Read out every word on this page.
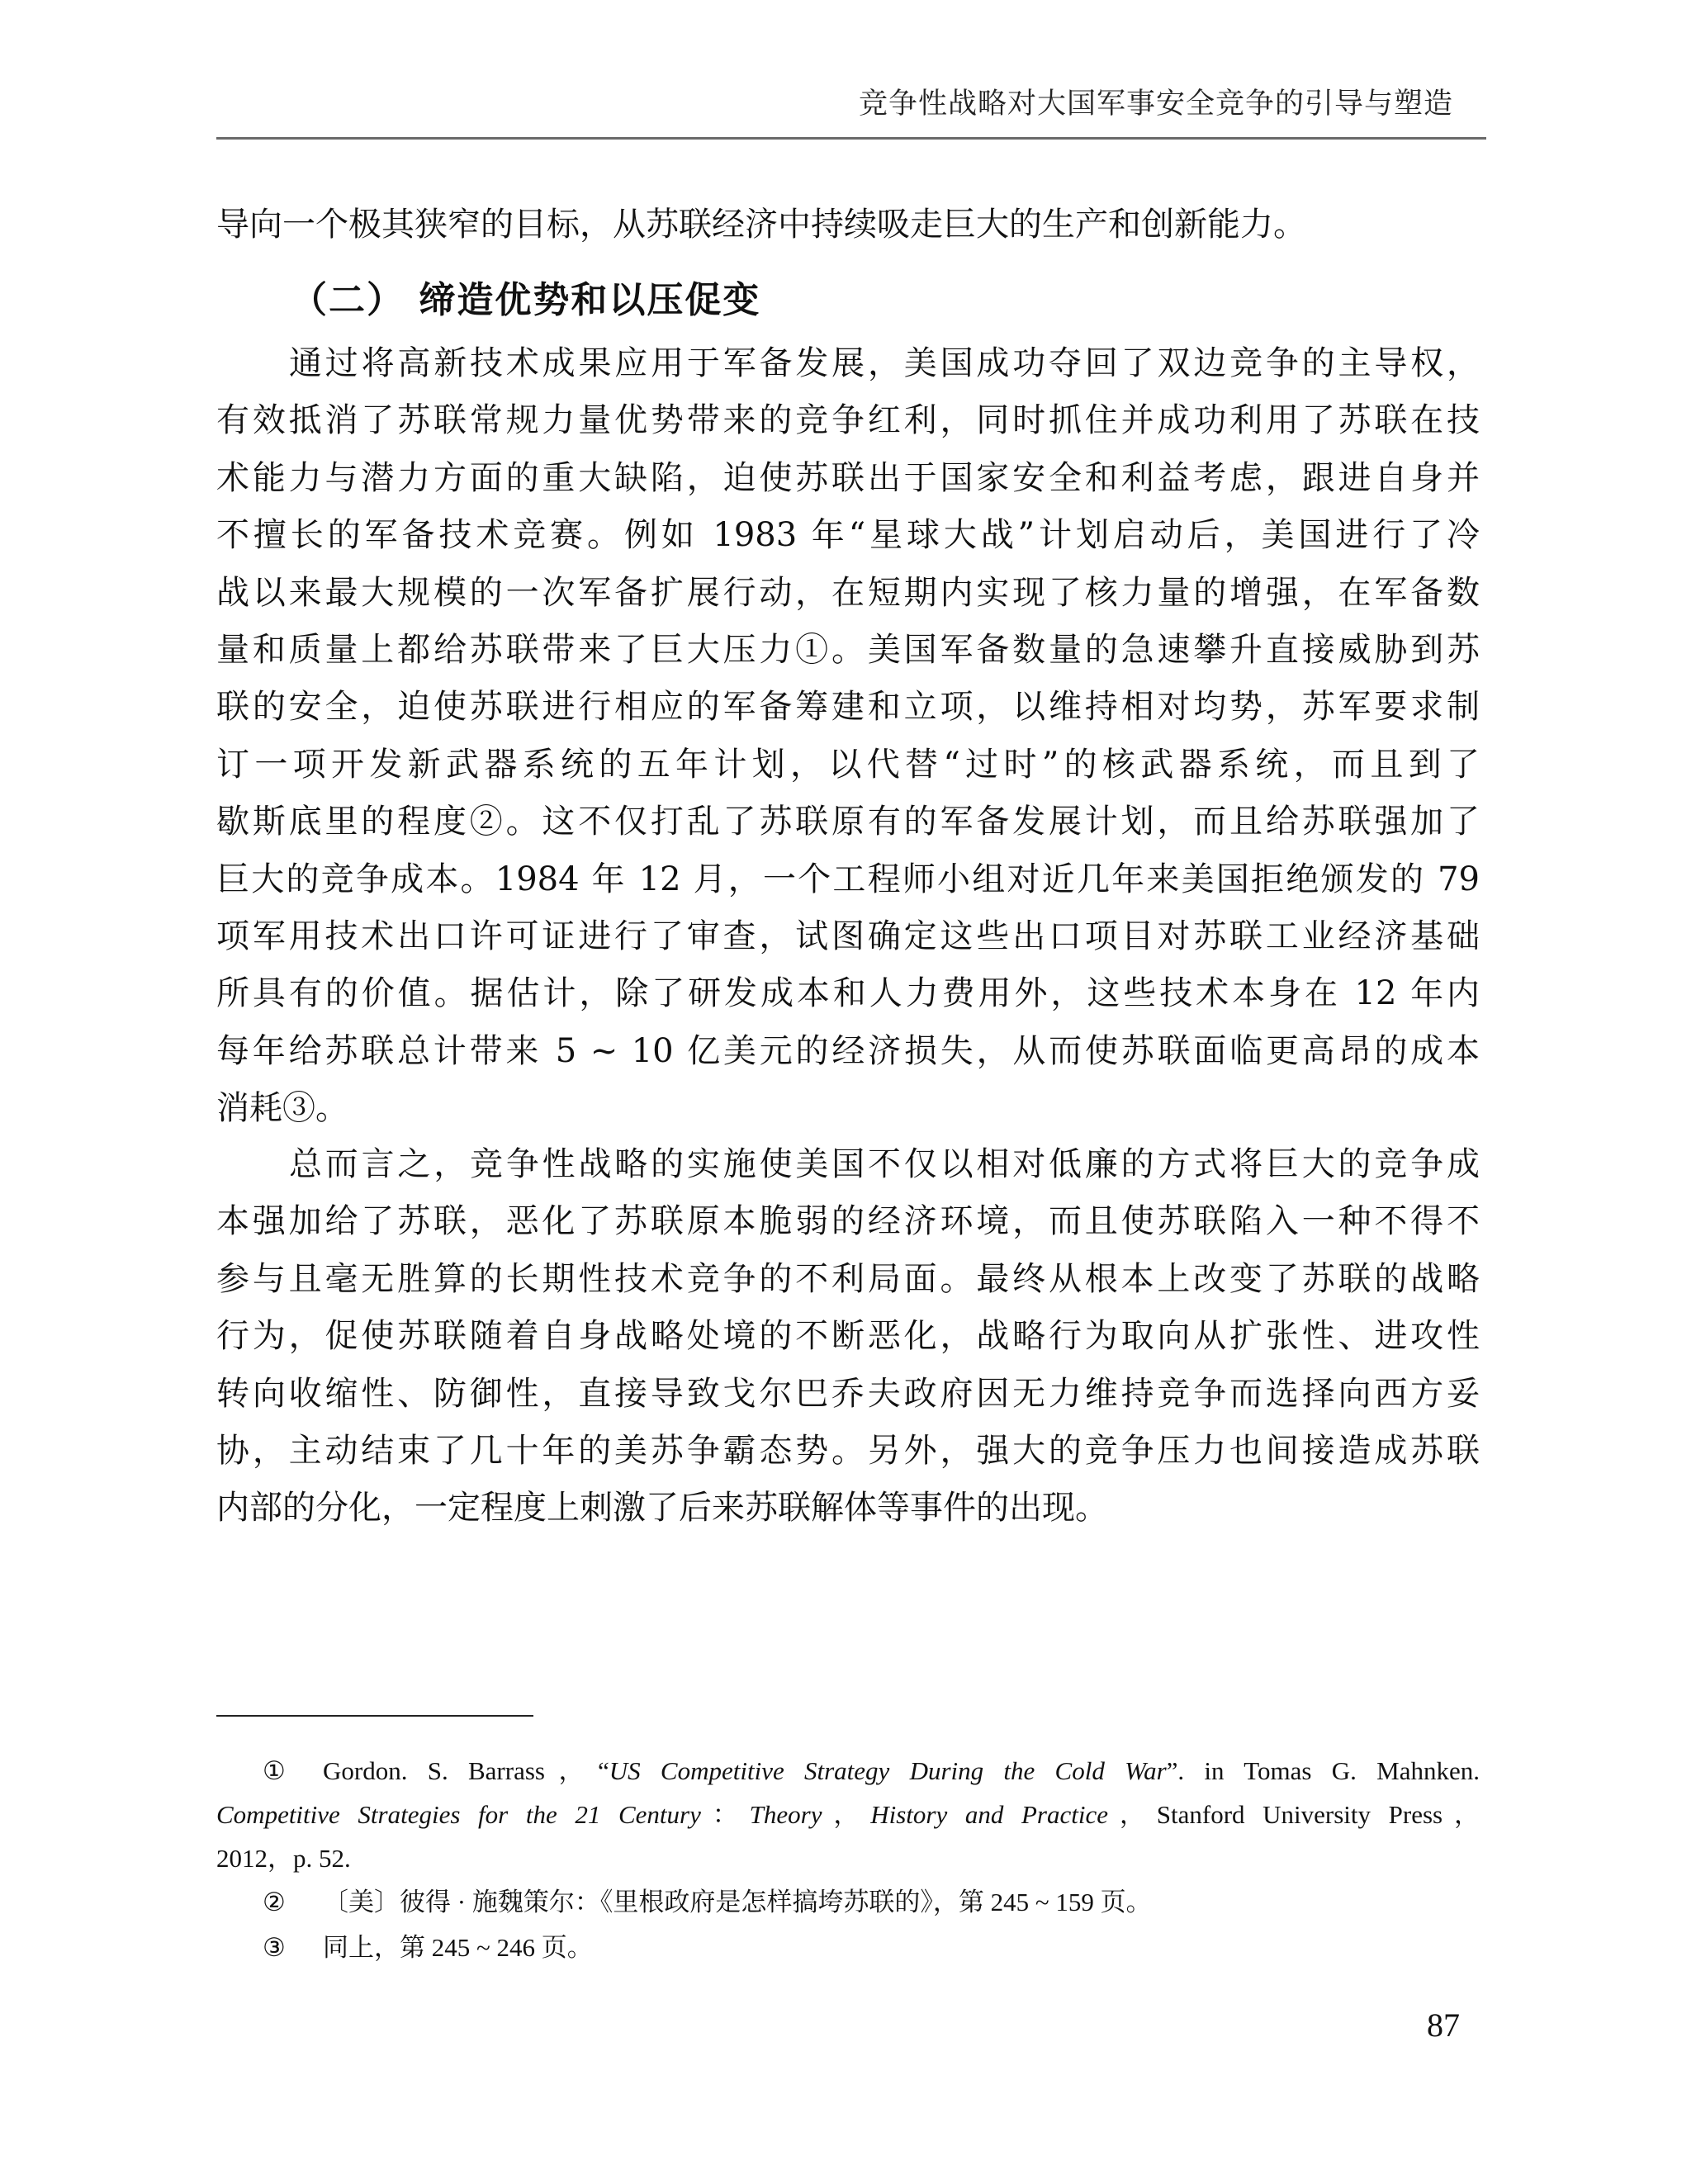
竞争性战略对大国军事安全竞争的引导与塑造
导向一个极其狭窄的目标，从苏联经济中持续吸走巨大的生产和创新能力。
（二） 缔造优势和以压促变
通过将高新技术成果应用于军备发展，美国成功夺回了双边竞争的主导权，
有效抵消了苏联常规力量优势带来的竞争红利，同时抓住并成功利用了苏联在技
术能力与潜力方面的重大缺陷，迫使苏联出于国家安全和利益考虑，跟进自身并
不擅长的军备技术竞赛。例如 1983 年“星球大战”计划启动后，美国进行了冷
战以来最大规模的一次军备扩展行动，在短期内实现了核力量的增强，在军备数
量和质量上都给苏联带来了巨大压力①。美国军备数量的急速攀升直接威胁到苏
联的安全，迫使苏联进行相应的军备筹建和立项，以维持相对均势，苏军要求制
订一项开发新武器系统的五年计划，以代替“过时”的核武器系统，而且到了
歇斯底里的程度②。这不仅打乱了苏联原有的军备发展计划，而且给苏联强加了
巨大的竞争成本。1984 年 12 月，一个工程师小组对近几年来美国拒绝颁发的 79
项军用技术出口许可证进行了审查，试图确定这些出口项目对苏联工业经济基础
所具有的价值。据估计，除了研发成本和人力费用外，这些技术本身在 12 年内
每年给苏联总计带来 5 ~ 10 亿美元的经济损失，从而使苏联面临更高昂的成本
消耗③。
总而言之，竞争性战略的实施使美国不仅以相对低廉的方式将巨大的竞争成
本强加给了苏联，恶化了苏联原本脆弱的经济环境，而且使苏联陷入一种不得不
参与且毫无胜算的长期性技术竞争的不利局面。最终从根本上改变了苏联的战略
行为，促使苏联随着自身战略处境的不断恶化，战略行为取向从扩张性、进攻性
转向收缩性、防御性，直接导致戈尔巴乔夫政府因无力维持竞争而选择向西方妥
协，主动结束了几十年的美苏争霸态势。另外，强大的竞争压力也间接造成苏联
内部的分化，一定程度上刺激了后来苏联解体等事件的出现。
① Gordon. S. Barrass，“US Competitive Strategy During the Cold War”. in Tomas G. Mahnken.
Competitive Strategies for the 21 Century：Theory，History and Practice，Stanford University Press，
2012，p. 52.
② 〔美〕彼得 · 施魏策尔：《里根政府是怎样搞垮苏联的》，第 245 ~ 159 页。
③ 同上，第 245 ~ 246 页。
87
